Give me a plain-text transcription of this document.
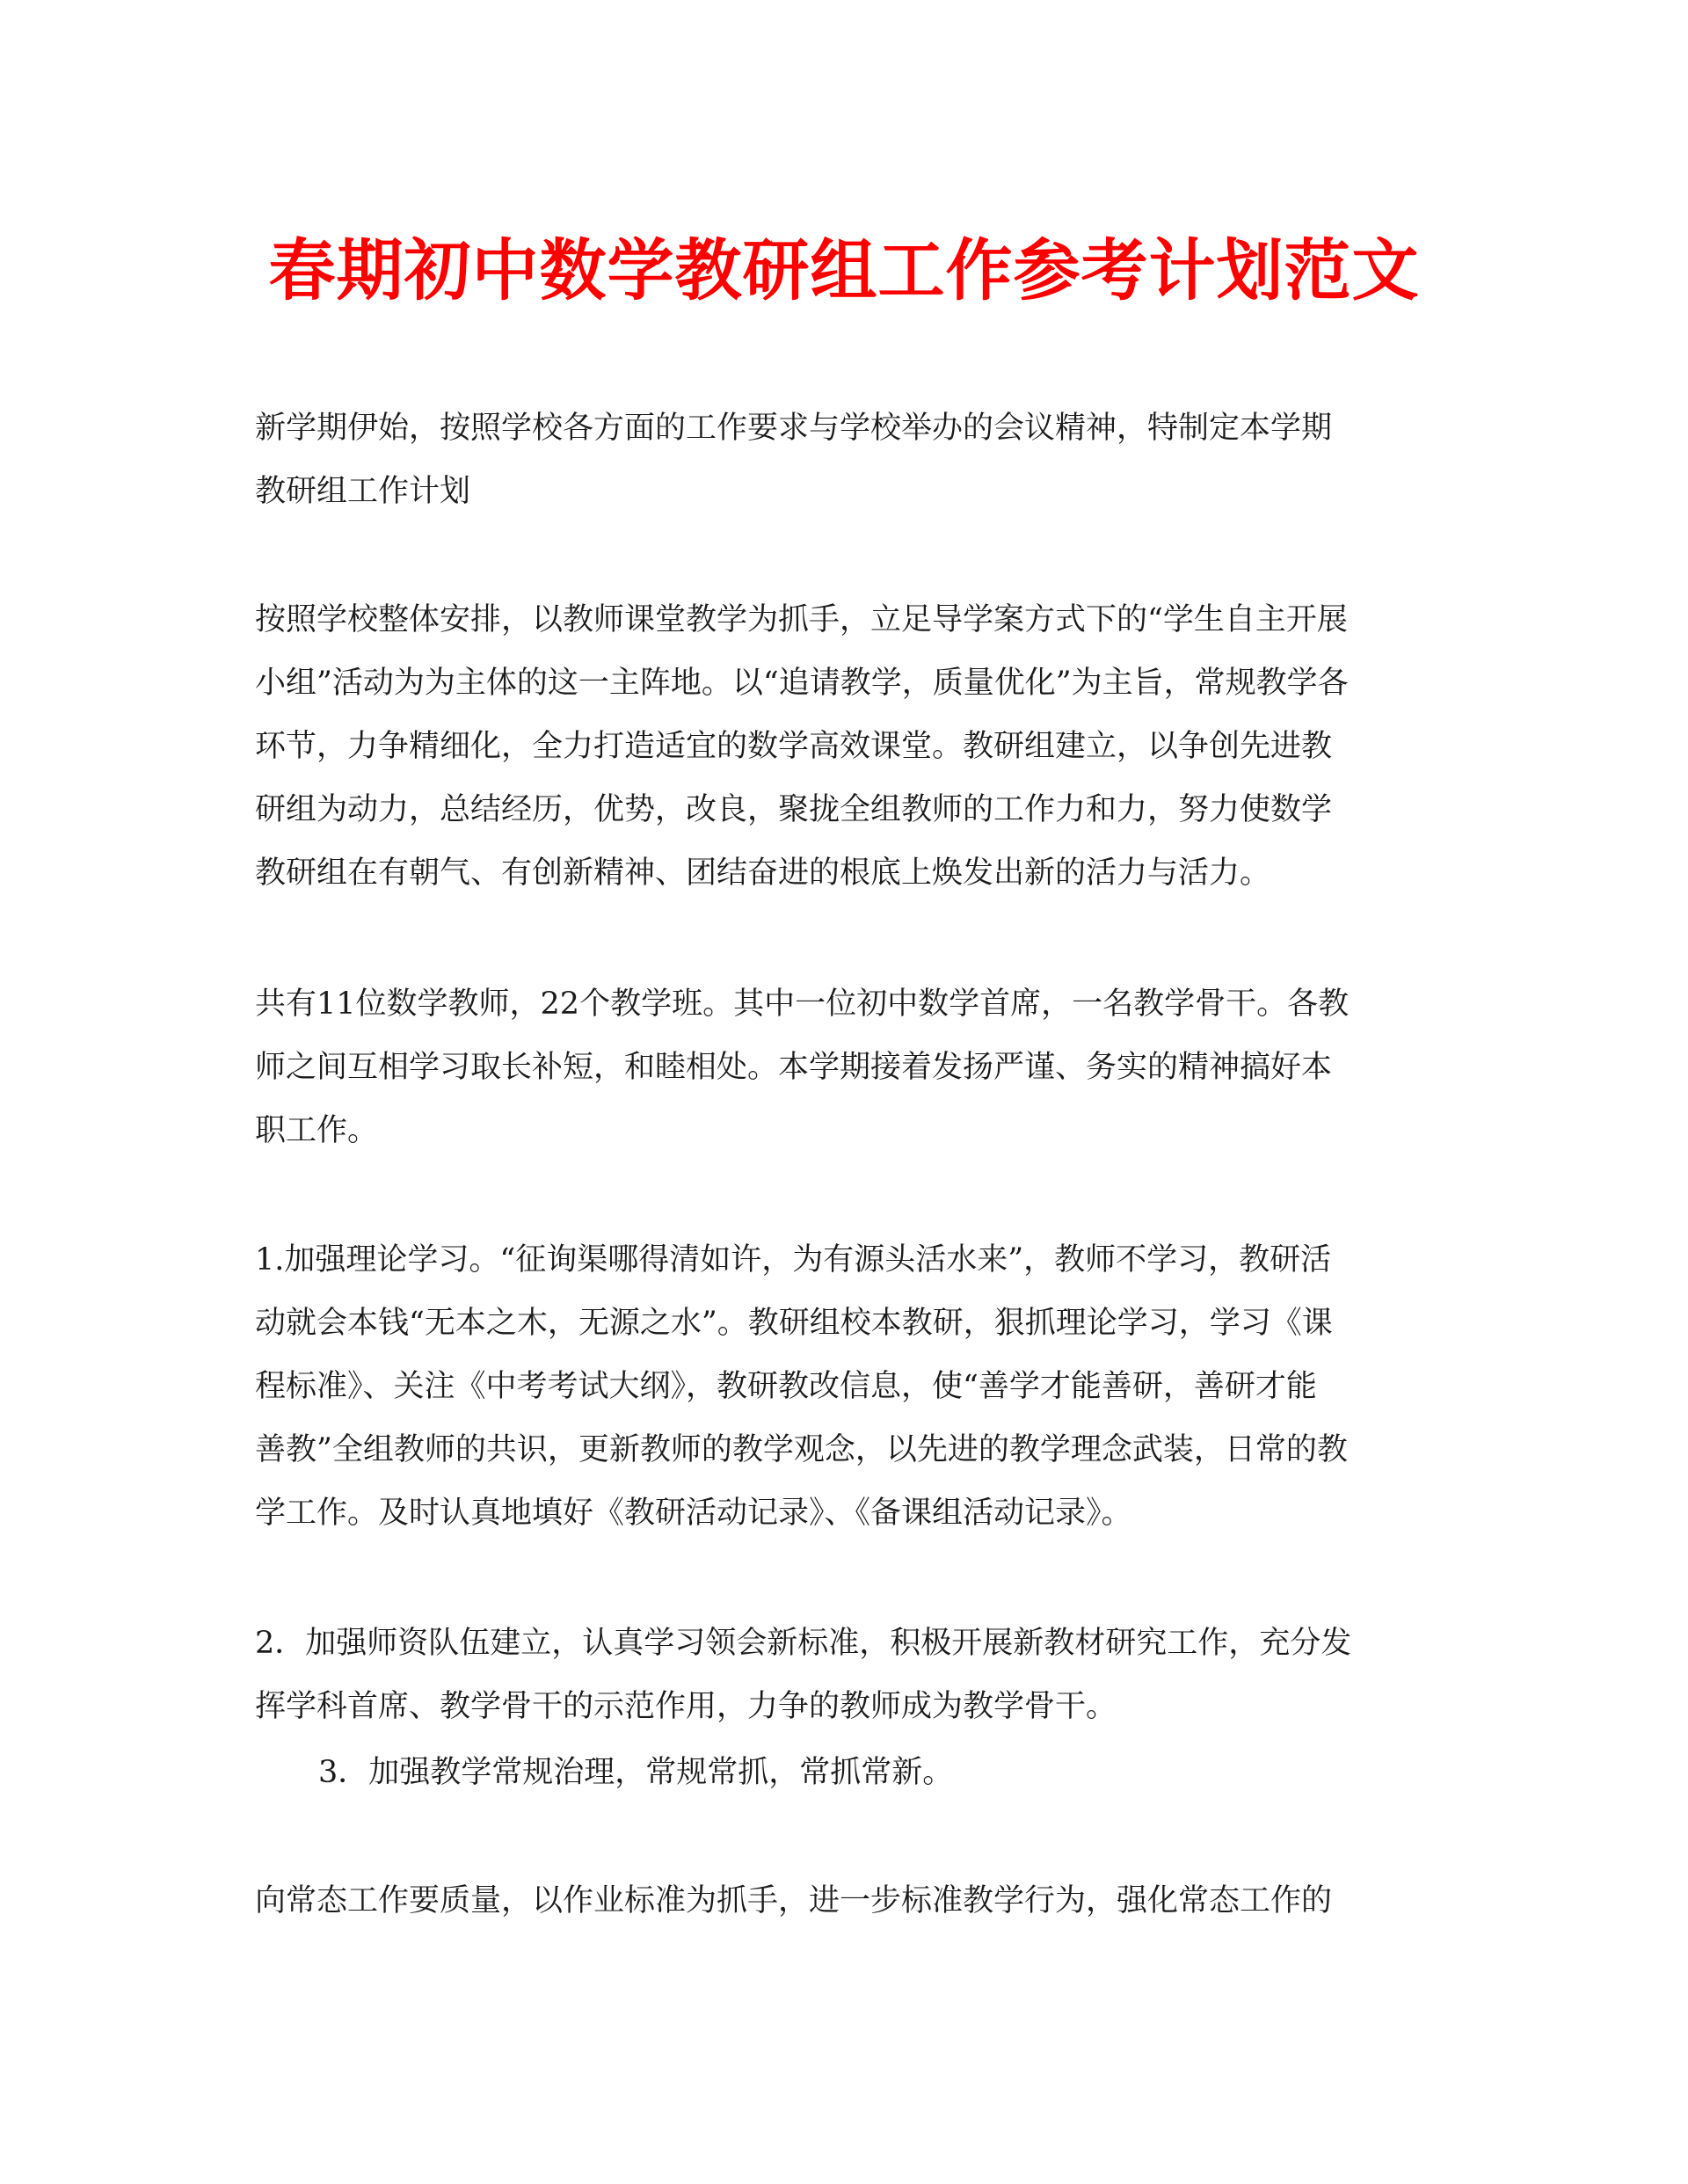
春期初中数学教研组工作参考计划范文
新学期伊始，按照学校各方面的工作要求与学校举办的会议精神，特制定本学期
教研组工作计划
按照学校整体安排，以教师课堂教学为抓手，立足导学案方式下的“学生自主开展
小组”活动为为主体的这一主阵地。以“追请教学，质量优化”为主旨，常规教学各
环节，力争精细化，全力打造适宜的数学高效课堂。教研组建立，以争创先进教
研组为动力，总结经历，优势，改良，聚拢全组教师的工作力和力，努力使数学
教研组在有朝气、有创新精神、团结奋进的根底上焕发出新的活力与活力。
共有11位数学教师，22个教学班。其中一位初中数学首席，一名教学骨干。各教
师之间互相学习取长补短，和睦相处。本学期接着发扬严谨、务实的精神搞好本
职工作。
1.加强理论学习。“征询渠哪得清如许，为有源头活水来”，教师不学习，教研活
动就会本钱“无本之木，无源之水”。教研组校本教研，狠抓理论学习，学习《课
程标准》、关注《中考考试大纲》，教研教改信息，使“善学才能善研，善研才能
善教”全组教师的共识，更新教师的教学观念，以先进的教学理念武装，日常的教
学工作。及时认真地填好《教研活动记录》、《备课组活动记录》。
2．加强师资队伍建立，认真学习领会新标准，积极开展新教材研究工作，充分发
挥学科首席、教学骨干的示范作用，力争的教师成为教学骨干。
3．加强教学常规治理，常规常抓，常抓常新。
向常态工作要质量，以作业标准为抓手，进一步标准教学行为，强化常态工作的
